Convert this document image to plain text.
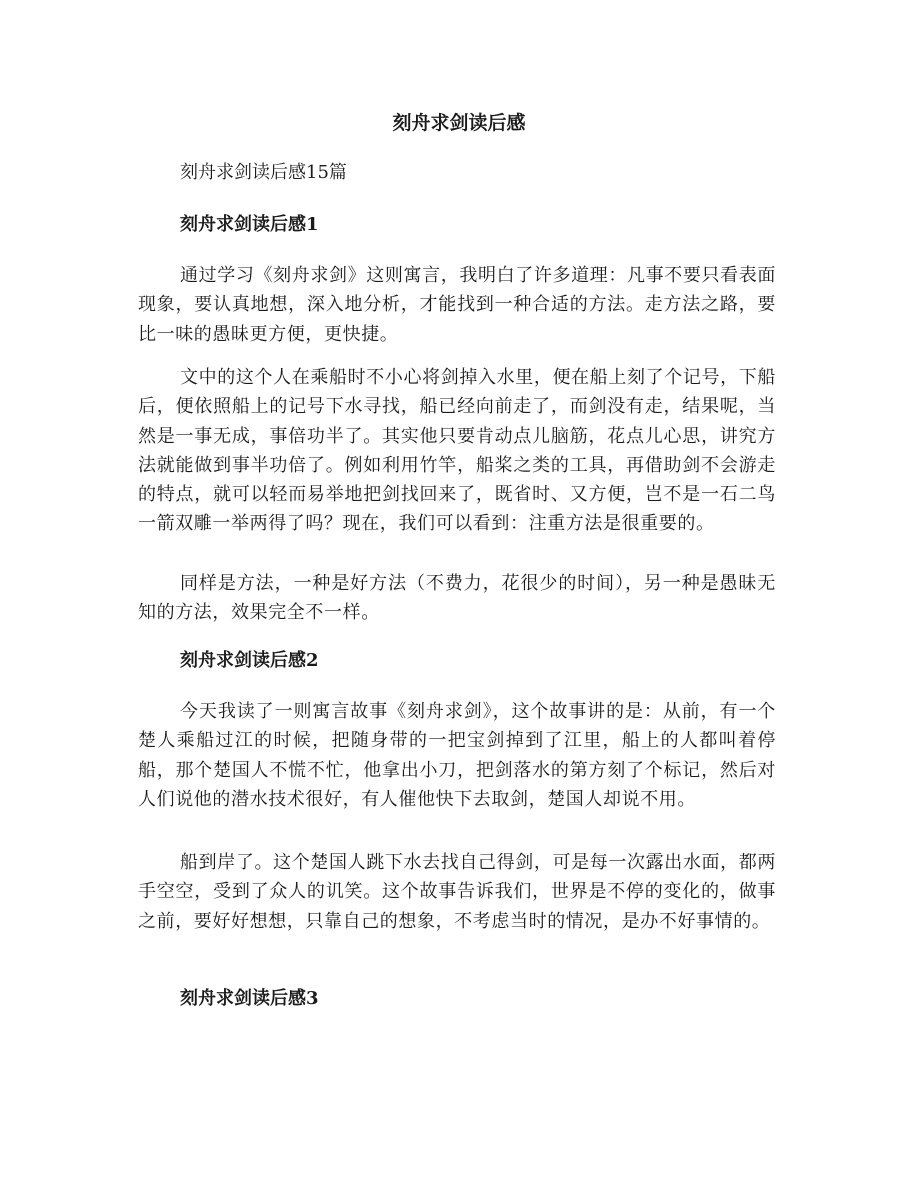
刻舟求剑读后感

刻舟求剑读后感15篇

刻舟求剑读后感1

通过学习《刻舟求剑》这则寓言，我明白了许多道理：凡事不要只看表面现象，要认真地想，深入地分析，才能找到一种合适的方法。走方法之路，要比一味的愚昧更方便，更快捷。

文中的这个人在乘船时不小心将剑掉入水里，便在船上刻了个记号，下船后，便依照船上的记号下水寻找，船已经向前走了，而剑没有走，结果呢，当然是一事无成，事倍功半了。其实他只要肯动点儿脑筋，花点儿心思，讲究方法就能做到事半功倍了。例如利用竹竿，船桨之类的工具，再借助剑不会游走的特点，就可以轻而易举地把剑找回来了，既省时、又方便，岂不是一石二鸟一箭双雕一举两得了吗？现在，我们可以看到：注重方法是很重要的。

同样是方法，一种是好方法（不费力，花很少的时间），另一种是愚昧无知的方法，效果完全不一样。

刻舟求剑读后感2

今天我读了一则寓言故事《刻舟求剑》，这个故事讲的是：从前，有一个楚人乘船过江的时候，把随身带的一把宝剑掉到了江里，船上的人都叫着停船，那个楚国人不慌不忙，他拿出小刀，把剑落水的第方刻了个标记，然后对人们说他的潜水技术很好，有人催他快下去取剑，楚国人却说不用。

船到岸了。这个楚国人跳下水去找自己得剑，可是每一次露出水面，都两手空空，受到了众人的讥笑。这个故事告诉我们，世界是不停的变化的，做事之前，要好好想想，只靠自己的想象，不考虑当时的情况，是办不好事情的。

刻舟求剑读后感3
